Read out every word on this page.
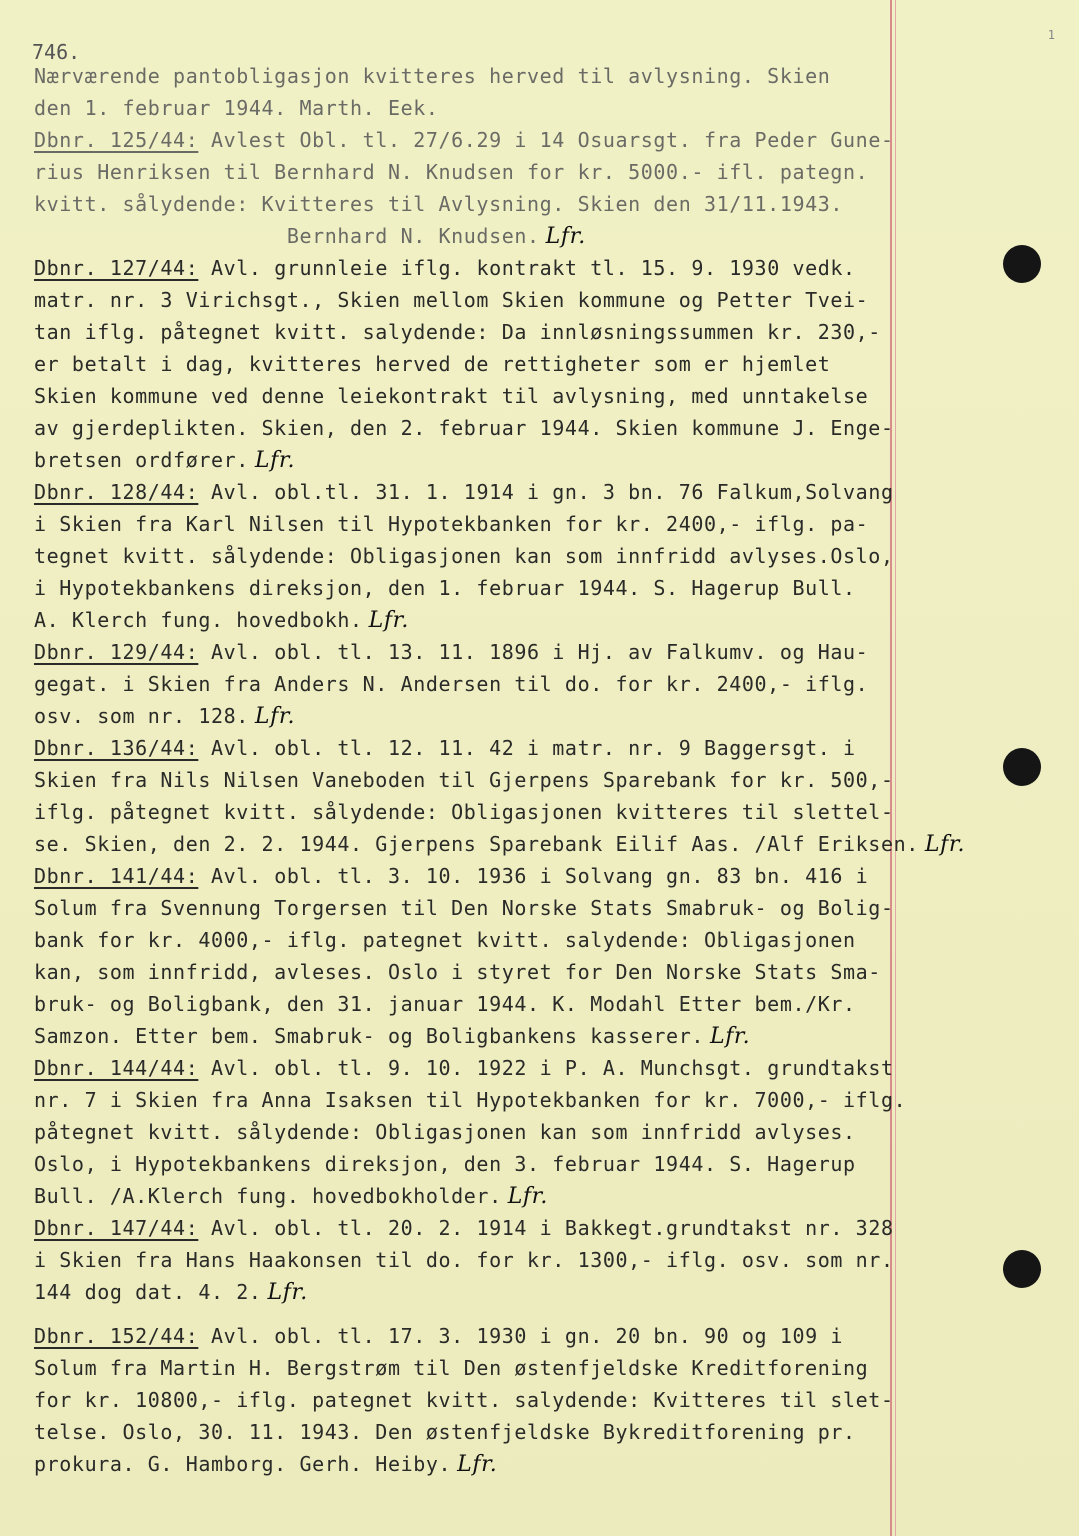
746.
1
Nærværende pantobligasjon kvitteres herved til avlysning. Skien
den 1. februar 1944. Marth. Eek.
Dbnr. 125/44: Avlest Obl. tl. 27/6.29 i 14 Osuarsgt. fra Peder Gune-
rius Henriksen til Bernhard N. Knudsen for kr. 5000.- ifl. pategn.
kvitt. sålydende: Kvitteres til Avlysning. Skien den 31/11.1943.
Bernhard N. Knudsen. Lfr.
Dbnr. 127/44: Avl. grunnleie iflg. kontrakt tl. 15. 9. 1930 vedk.
matr. nr. 3 Virichsgt., Skien mellom Skien kommune og Petter Tvei-
tan iflg. påtegnet kvitt. salydende: Da innløsningssummen kr. 230,-
er betalt i dag, kvitteres herved de rettigheter som er hjemlet
Skien kommune ved denne leiekontrakt til avlysning, med unntakelse
av gjerdeplikten. Skien, den 2. februar 1944. Skien kommune J. Enge-
bretsen ordfører. Lfr.
Dbnr. 128/44: Avl. obl.tl. 31. 1. 1914 i gn. 3 bn. 76 Falkum,Solvang
i Skien fra Karl Nilsen til Hypotekbanken for kr. 2400,- iflg. pa-
tegnet kvitt. sålydende: Obligasjonen kan som innfridd avlyses.Oslo,
i Hypotekbankens direksjon, den 1. februar 1944. S. Hagerup Bull.
A. Klerch fung. hovedbokh. Lfr.
Dbnr. 129/44: Avl. obl. tl. 13. 11. 1896 i Hj. av Falkumv. og Hau-
gegat. i Skien fra Anders N. Andersen til do. for kr. 2400,- iflg.
osv. som nr. 128. Lfr.
Dbnr. 136/44: Avl. obl. tl. 12. 11. 42 i matr. nr. 9 Baggersgt. i
Skien fra Nils Nilsen Vaneboden til Gjerpens Sparebank for kr. 500,-
iflg. påtegnet kvitt. sålydende: Obligasjonen kvitteres til slettel-
se. Skien, den 2. 2. 1944. Gjerpens Sparebank Eilif Aas. /Alf Eriksen. Lfr.
Dbnr. 141/44: Avl. obl. tl. 3. 10. 1936 i Solvang gn. 83 bn. 416 i
Solum fra Svennung Torgersen til Den Norske Stats Smabruk- og Bolig-
bank for kr. 4000,- iflg. pategnet kvitt. salydende: Obligasjonen
kan, som innfridd, avleses. Oslo i styret for Den Norske Stats Sma-
bruk- og Boligbank, den 31. januar 1944. K. Modahl Etter bem./Kr.
Samzon. Etter bem. Smabruk- og Boligbankens kasserer. Lfr.
Dbnr. 144/44: Avl. obl. tl. 9. 10. 1922 i P. A. Munchsgt. grundtakst
nr. 7 i Skien fra Anna Isaksen til Hypotekbanken for kr. 7000,- iflg.
påtegnet kvitt. sålydende: Obligasjonen kan som innfridd avlyses.
Oslo, i Hypotekbankens direksjon, den 3. februar 1944. S. Hagerup
Bull. /A.Klerch fung. hovedbokholder. Lfr.
Dbnr. 147/44: Avl. obl. tl. 20. 2. 1914 i Bakkegt.grundtakst nr. 328
i Skien fra Hans Haakonsen til do. for kr. 1300,- iflg. osv. som nr.
144 dog dat. 4. 2. Lfr.
Dbnr. 152/44: Avl. obl. tl. 17. 3. 1930 i gn. 20 bn. 90 og 109 i
Solum fra Martin H. Bergstrøm til Den østenfjeldske Kreditforening
for kr. 10800,- iflg. pategnet kvitt. salydende: Kvitteres til slet-
telse. Oslo, 30. 11. 1943. Den østenfjeldske Bykreditforening pr.
prokura. G. Hamborg. Gerh. Heiby. Lfr.
